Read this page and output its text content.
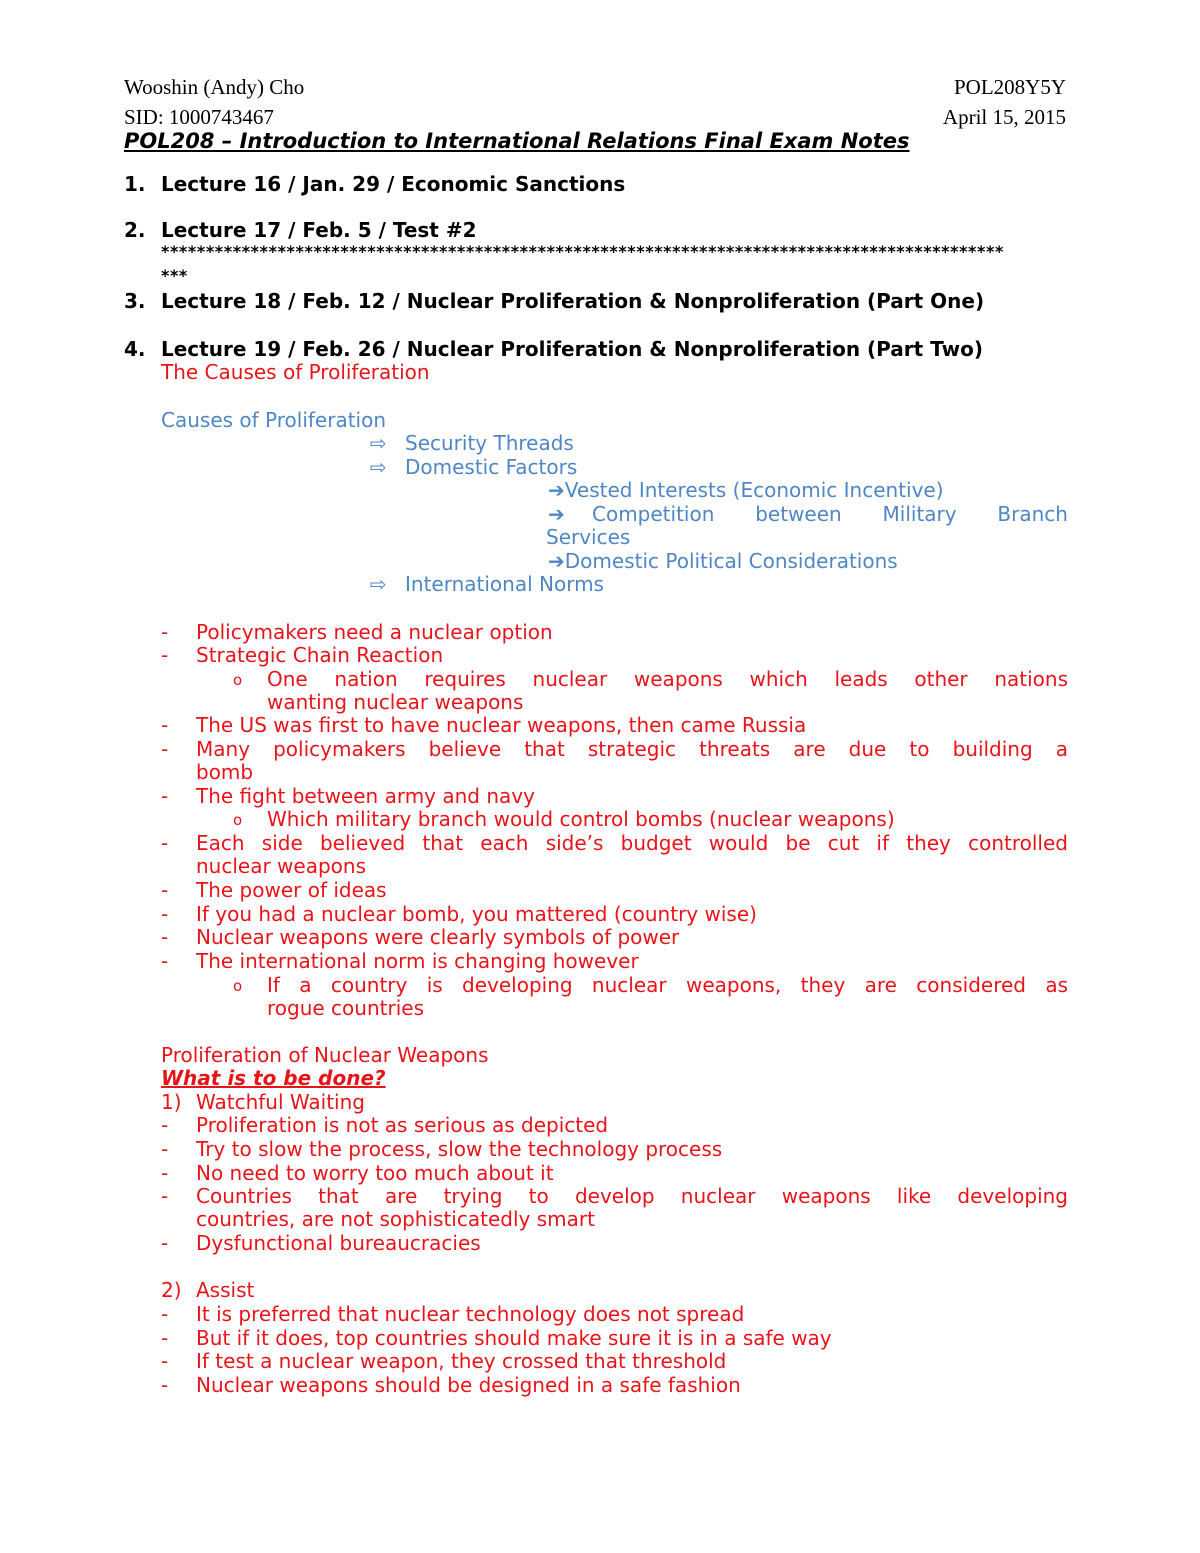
Wooshin (Andy) Cho	POL208Y5Y
SID: 1000743467	April 15, 2015
POL208 – Introduction to International Relations Final Exam Notes
1. Lecture 16 / Jan. 29 / Economic Sanctions
2. Lecture 17 / Feb. 5 / Test #2
**********************************************************************************************
***
3. Lecture 18 / Feb. 12 / Nuclear Proliferation & Nonproliferation (Part One)
4. Lecture 19 / Feb. 26 / Nuclear Proliferation & Nonproliferation (Part Two)
The Causes of Proliferation
Causes of Proliferation
⇨ Security Threads
⇨ Domestic Factors
➔Vested Interests (Economic Incentive)
➔ Competition between Military Branch
Services
➔Domestic Political Considerations
⇨ International Norms
- Policymakers need a nuclear option
- Strategic Chain Reaction
o One nation requires nuclear weapons which leads other nations
wanting nuclear weapons
- The US was first to have nuclear weapons, then came Russia
- Many policymakers believe that strategic threats are due to building a
bomb
- The fight between army and navy
o Which military branch would control bombs (nuclear weapons)
- Each side believed that each side’s budget would be cut if they controlled
nuclear weapons
- The power of ideas
- If you had a nuclear bomb, you mattered (country wise)
- Nuclear weapons were clearly symbols of power
- The international norm is changing however
o If a country is developing nuclear weapons, they are considered as
rogue countries
Proliferation of Nuclear Weapons
What is to be done?
1) Watchful Waiting
- Proliferation is not as serious as depicted
- Try to slow the process, slow the technology process
- No need to worry too much about it
- Countries that are trying to develop nuclear weapons like developing
countries, are not sophisticatedly smart
- Dysfunctional bureaucracies
2) Assist
- It is preferred that nuclear technology does not spread
- But if it does, top countries should make sure it is in a safe way
- If test a nuclear weapon, they crossed that threshold
- Nuclear weapons should be designed in a safe fashion
